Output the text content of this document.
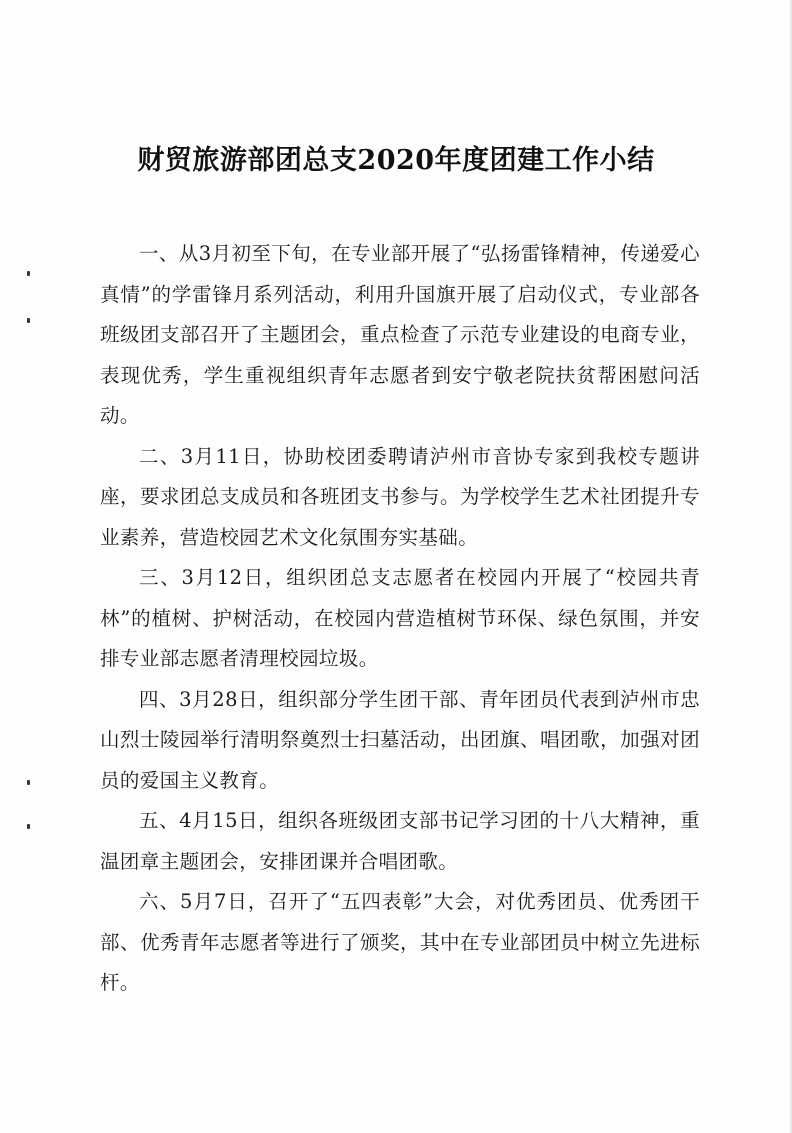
财贸旅游部团总支2020年度团建工作小结

一、从3月初至下旬，在专业部开展了“弘扬雷锋精神，传递爱心真情”的学雷锋月系列活动，利用升国旗开展了启动仪式，专业部各班级团支部召开了主题团会，重点检查了示范专业建设的电商专业，表现优秀，学生重视组织青年志愿者到安宁敬老院扶贫帮困慰问活动。

二、3月11日，协助校团委聘请泸州市音协专家到我校专题讲座，要求团总支成员和各班团支书参与。为学校学生艺术社团提升专业素养，营造校园艺术文化氛围夯实基础。

三、3月12日，组织团总支志愿者在校园内开展了“校园共青林”的植树、护树活动，在校园内营造植树节环保、绿色氛围，并安排专业部志愿者清理校园垃圾。

四、3月28日，组织部分学生团干部、青年团员代表到泸州市忠山烈士陵园举行清明祭奠烈士扫墓活动，出团旗、唱团歌，加强对团员的爱国主义教育。

五、4月15日，组织各班级团支部书记学习团的十八大精神，重温团章主题团会，安排团课并合唱团歌。

六、5月7日，召开了“五四表彰”大会，对优秀团员、优秀团干部、优秀青年志愿者等进行了颁奖，其中在专业部团员中树立先进标杆。
